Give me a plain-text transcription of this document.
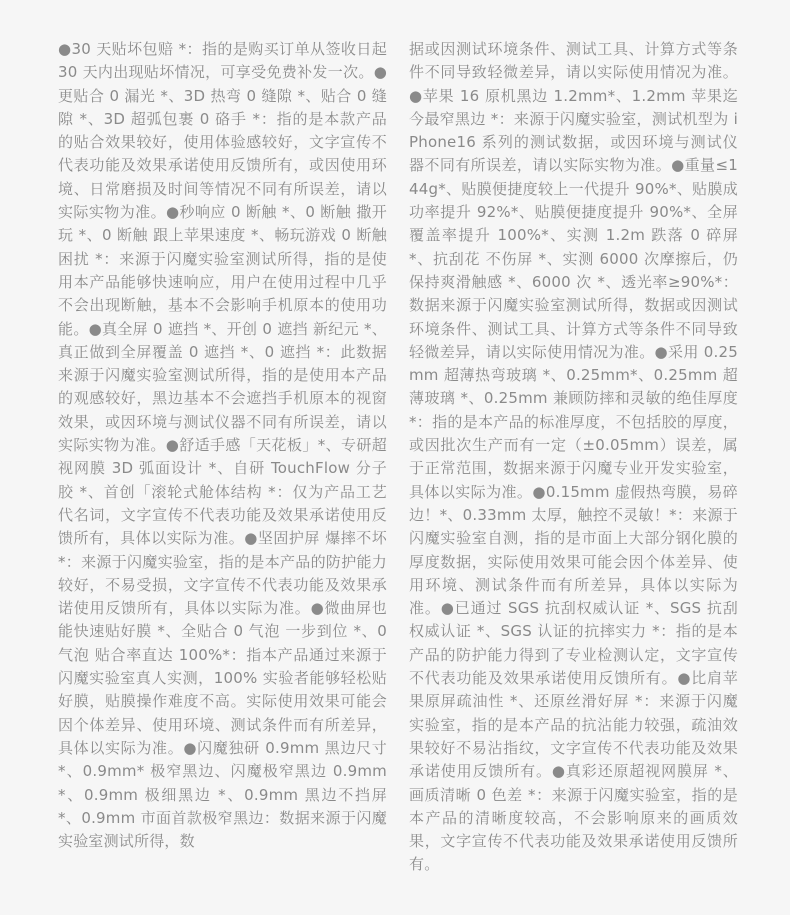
●30 天贴坏包赔 *：指的是购买订单从签收日起 30 天内出现贴坏情况，可享受免费补发一次。●更贴合 0 漏光 *、3D 热弯 0 缝隙 *、贴合 0 缝隙 *、3D 超弧包裹 0 硌手 *：指的是本款产品的贴合效果较好，使用体验感较好，文字宣传不代表功能及效果承诺使用反馈所有，或因使用环境、日常磨损及时间等情况不同有所误差，请以实际实物为准。●秒响应 0 断触 *、0 断触 撒开玩 *、0 断触 跟上苹果速度 *、畅玩游戏 0 断触困扰 *：来源于闪魔实验室测试所得，指的是使用本产品能够快速响应，用户在使用过程中几乎不会出现断触，基本不会影响手机原本的使用功能。●真全屏 0 遮挡 *、开创 0 遮挡 新纪元 *、真正做到全屏覆盖 0 遮挡 *、0 遮挡 *：此数据来源于闪魔实验室测试所得，指的是使用本产品的观感较好，黑边基本不会遮挡手机原本的视窗效果，或因环境与测试仪器不同有所误差，请以实际实物为准。●舒适手感「天花板」*、专研超视网膜 3D 弧面设计 *、自研 TouchFlow 分子胶 *、首创「滚轮式舱体结构 *：仅为产品工艺代名词，文字宣传不代表功能及效果承诺使用反馈所有，具体以实际为准。●坚固护屏 爆摔不坏 *：来源于闪魔实验室，指的是本产品的防护能力较好，不易受损，文字宣传不代表功能及效果承诺使用反馈所有，具体以实际为准。●微曲屏也能快速贴好膜 *、全贴合 0 气泡 一步到位 *、0 气泡 贴合率直达 100%*：指本产品通过来源于闪魔实验室真人实测，100% 实验者能够轻松贴好膜，贴膜操作难度不高。实际使用效果可能会因个体差异、使用环境、测试条件而有所差异，具体以实际为准。●闪魔独研 0.9mm 黑边尺寸 *、0.9mm* 极窄黑边、闪魔极窄黑边 0.9mm*、0.9mm 极细黑边 *、0.9mm 黑边不挡屏 *、0.9mm 市面首款极窄黑边：数据来源于闪魔实验室测试所得，数
据或因测试环境条件、测试工具、计算方式等条件不同导致轻微差异，请以实际使用情况为准。●苹果 16 原机黑边 1.2mm*、1.2mm 苹果迄今最窄黑边 *：来源于闪魔实验室，测试机型为 iPhone16 系列的测试数据，或因环境与测试仪器不同有所误差，请以实际实物为准。●重量≤144g*、贴膜便捷度较上一代提升 90%*、贴膜成功率提升 92%*、贴膜便捷度提升 90%*、全屏覆盖率提升 100%*、实测 1.2m 跌落 0 碎屏 *、抗刮花 不伤屏 *、实测 6000 次摩擦后，仍保持爽滑触感 *、6000 次 *、透光率≥90%*：数据来源于闪魔实验室测试所得，数据或因测试环境条件、测试工具、计算方式等条件不同导致轻微差异，请以实际使用情况为准。●采用 0.25mm 超薄热弯玻璃 *、0.25mm*、0.25mm 超薄玻璃 *、0.25mm 兼顾防摔和灵敏的绝佳厚度 *：指的是本产品的标准厚度，不包括胶的厚度，或因批次生产而有一定（±0.05mm）误差，属于正常范围，数据来源于闪魔专业开发实验室，具体以实际为准。●0.15mm 虚假热弯膜，易碎边！*、0.33mm 太厚，触控不灵敏！*：来源于闪魔实验室自测，指的是市面上大部分钢化膜的厚度数据，实际使用效果可能会因个体差异、使用环境、测试条件而有所差异，具体以实际为准。●已通过 SGS 抗刮权威认证 *、SGS 抗刮权威认证 *、SGS 认证的抗摔实力 *：指的是本产品的防护能力得到了专业检测认定，文字宣传不代表功能及效果承诺使用反馈所有。●比肩苹果原屏疏油性 *、还原丝滑好屏 *：来源于闪魔实验室，指的是本产品的抗沾能力较强，疏油效果较好不易沾指纹，文字宣传不代表功能及效果承诺使用反馈所有。●真彩还原超视网膜屏 *、画质清晰 0 色差 *：来源于闪魔实验室，指的是本产品的清晰度较高，不会影响原来的画质效果，文字宣传不代表功能及效果承诺使用反馈所有。
